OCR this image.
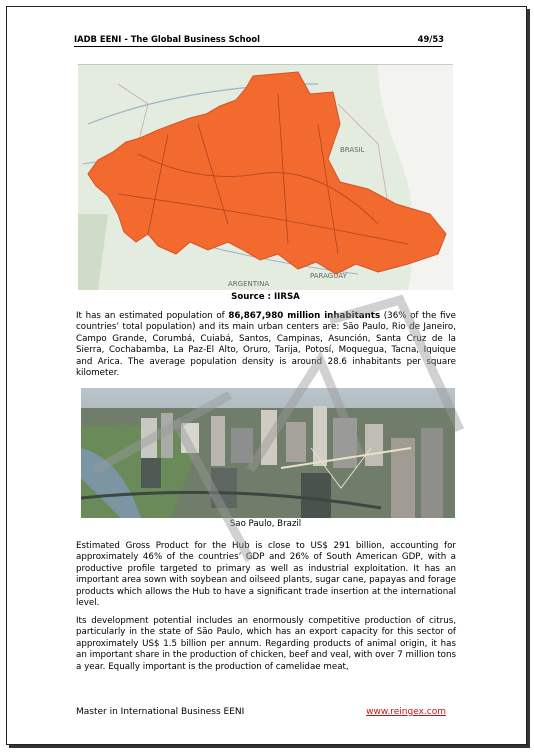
IADB EENI - The Global Business School	49/53
BRASIL
PARAGUAY
ARGENTINA
Source : IIRSA
It has an estimated population of 86,867,980 million inhabitants (36% of the five countries’ total population) and its main urban centers are: São Paulo, Rio de Janeiro, Campo Grande, Corumbá, Cuiabá, Santos, Campinas, Asunción, Santa Cruz de la Sierra, Cochabamba, La Paz-El Alto, Oruro, Tarija, Potosí, Moquegua, Tacna, Iquique and Arica. The average population density is around 28.6 inhabitants per square kilometer.
Sao Paulo, Brazil
Estimated Gross Product for the Hub is close to US$ 291 billion, accounting for approximately 46% of the countries’ GDP and 26% of South American GDP, with a productive profile targeted to primary as well as industrial exploitation. It has an important area sown with soybean and oilseed plants, sugar cane, papayas and forage products which allows the Hub to have a significant trade insertion at the international level.
Its development potential includes an enormously competitive production of citrus, particularly in the state of São Paulo, which has an export capacity for this sector of approximately US$ 1.5 billion per annum. Regarding products of animal origin, it has an important share in the production of chicken, beef and veal, with over 7 million tons a year. Equally important is the production of camelidae meat,
Master in International Business EENI	www.reingex.com
